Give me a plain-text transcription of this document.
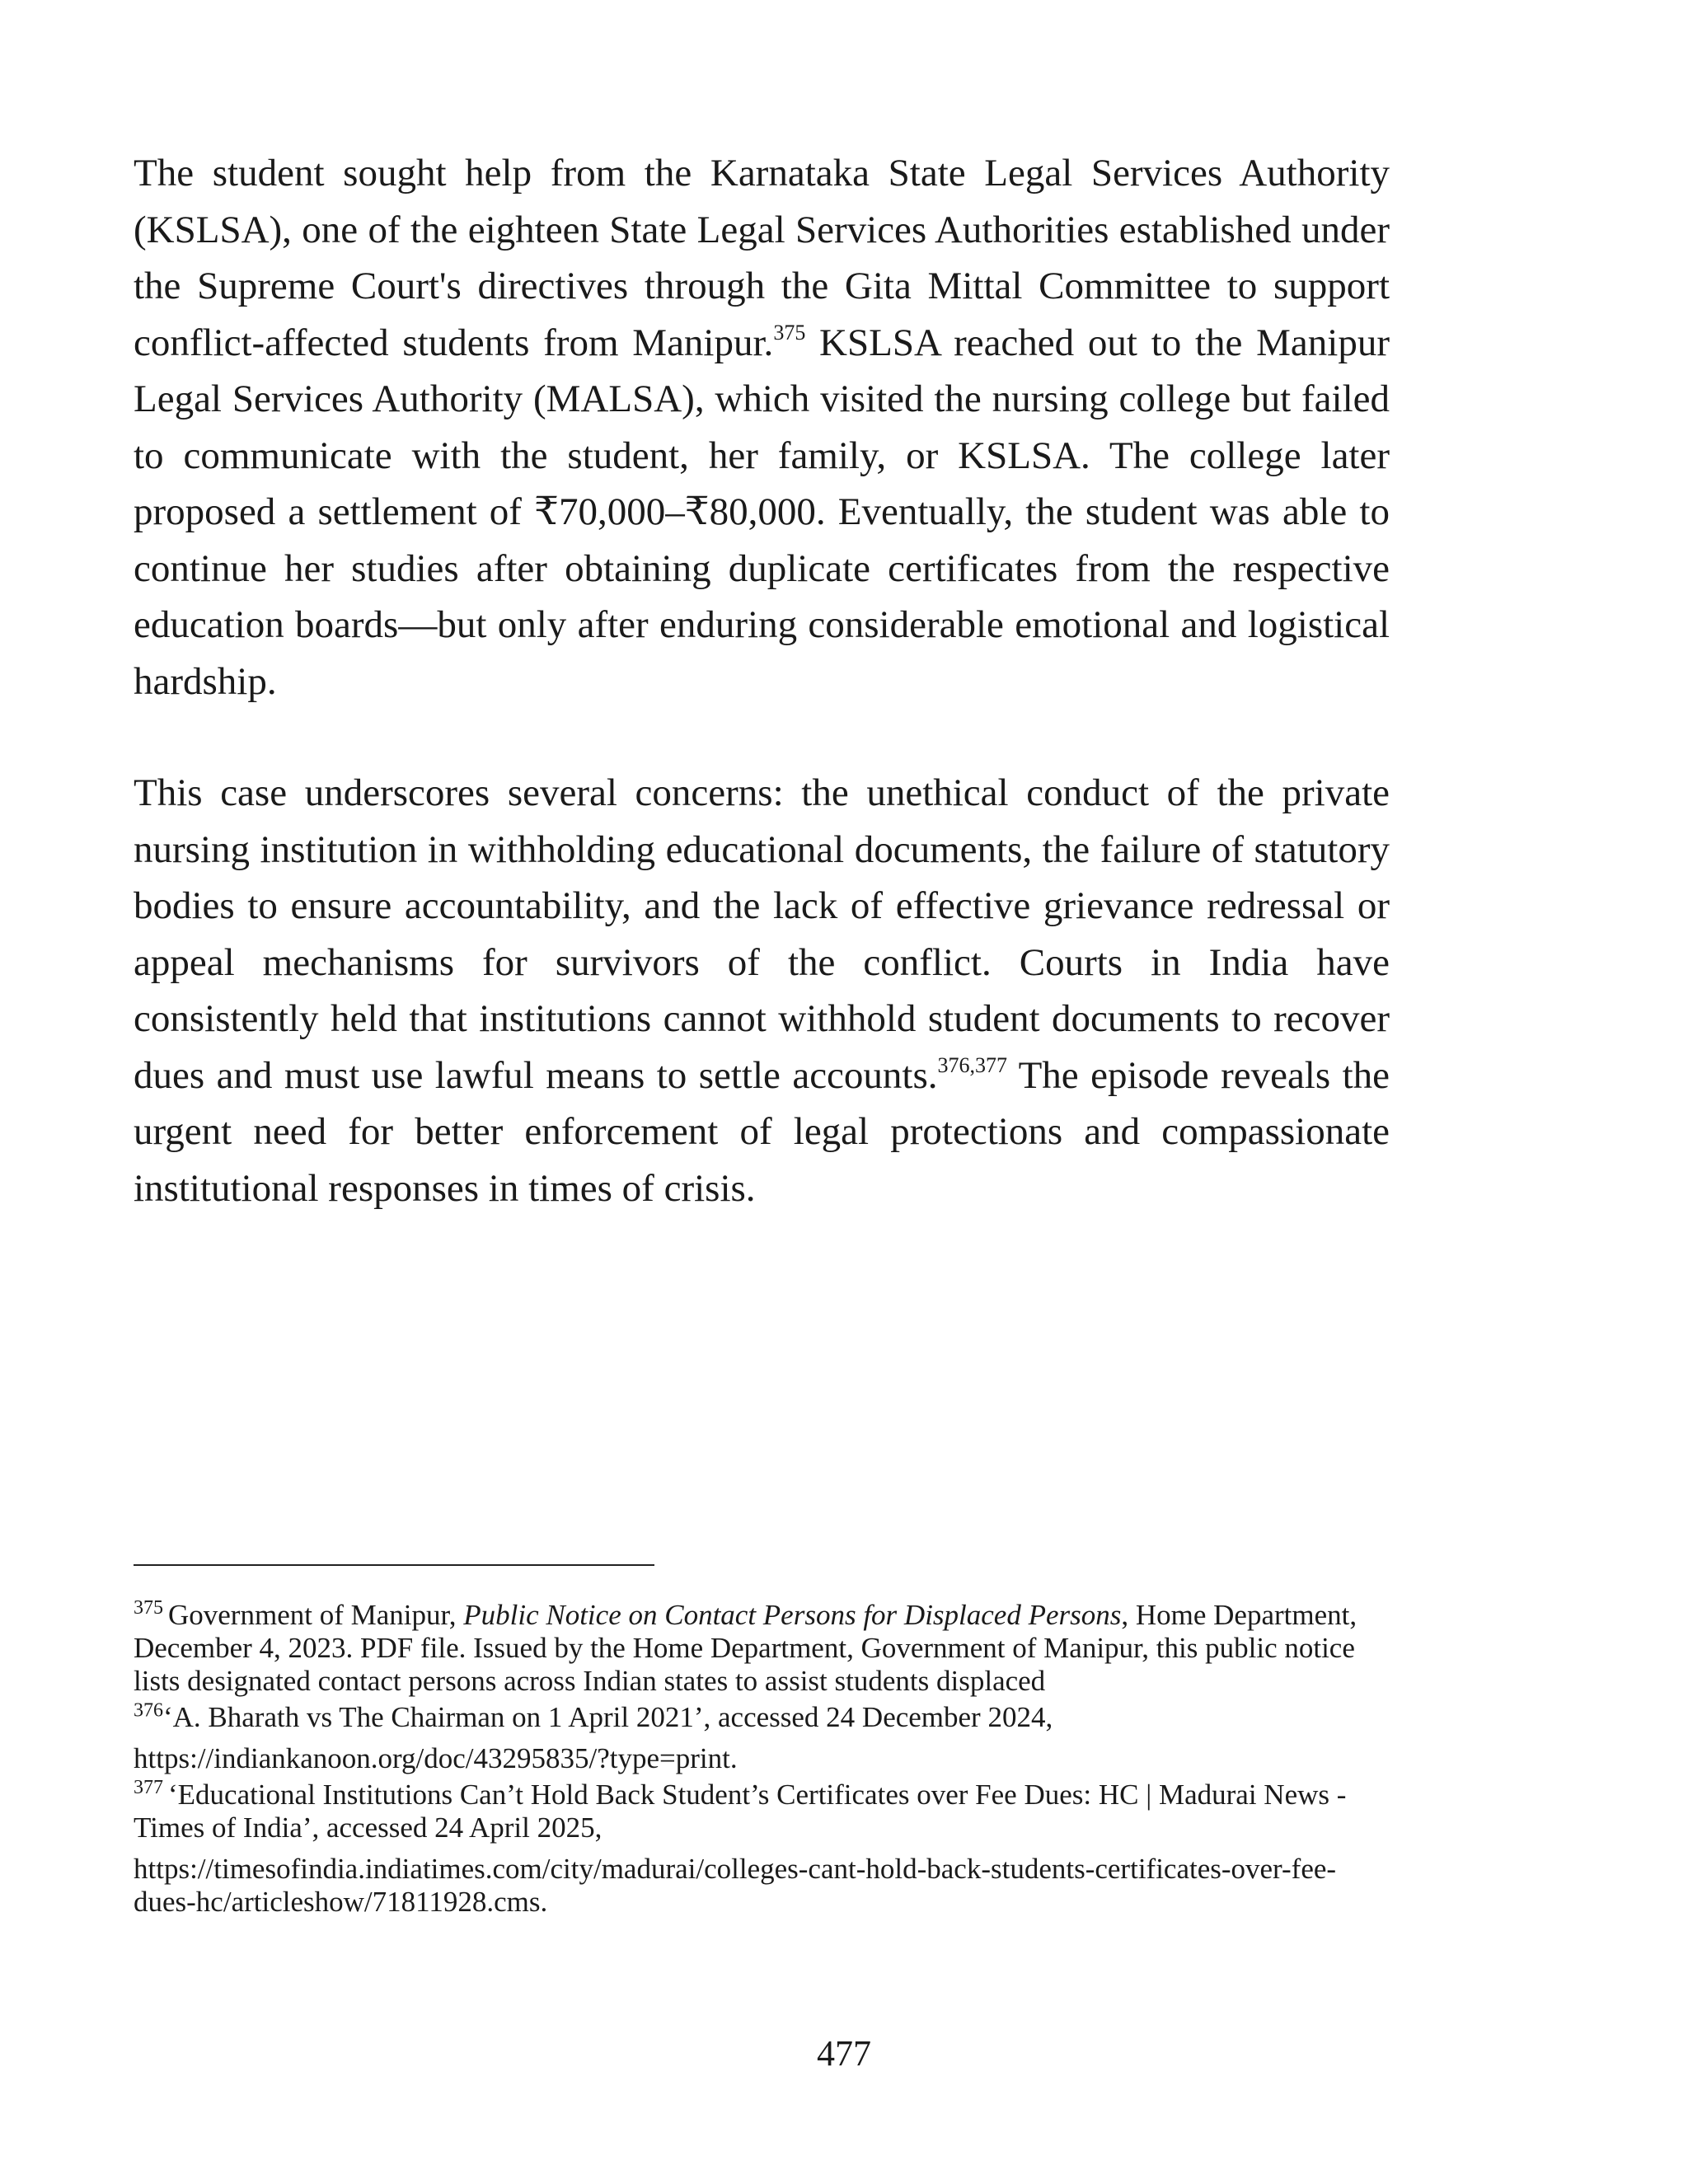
The student sought help from the Karnataka State Legal Services Authority (KSLSA), one of the eighteen State Legal Services Authorities established under the Supreme Court's directives through the Gita Mittal Committee to support conflict-affected students from Manipur.$^{375}$ KSLSA reached out to the Manipur Legal Services Authority (MALSA), which visited the nursing college but failed to communicate with the student, her family, or KSLSA. The college later proposed a settlement of ₹70,000–₹80,000. Eventually, the student was able to continue her studies after obtaining duplicate certificates from the respective education boards—but only after enduring considerable emotional and logistical hardship.

This case underscores several concerns: the unethical conduct of the private nursing institution in withholding educational documents, the failure of statutory bodies to ensure accountability, and the lack of effective grievance redressal or appeal mechanisms for survivors of the conflict. Courts in India have consistently held that institutions cannot withhold student documents to recover dues and must use lawful means to settle accounts.$^{376,377}$ The episode reveals the urgent need for better enforcement of legal protections and compassionate institutional responses in times of crisis.

$^{375}$ Government of Manipur, Public Notice on Contact Persons for Displaced Persons, Home Department, December 4, 2023. PDF file. Issued by the Home Department, Government of Manipur, this public notice lists designated contact persons across Indian states to assist students displaced

$^{376}$‘A. Bharath vs The Chairman on 1 April 2021’, accessed 24 December 2024,
https://indiankanoon.org/doc/43295835/?type=print.

$^{377}$ ‘Educational Institutions Can’t Hold Back Student’s Certificates over Fee Dues: HC | Madurai News - Times of India’, accessed 24 April 2025,
https://timesofindia.indiatimes.com/city/madurai/colleges-cant-hold-back-students-certificates-over-fee-dues-hc/articleshow/71811928.cms.

477
